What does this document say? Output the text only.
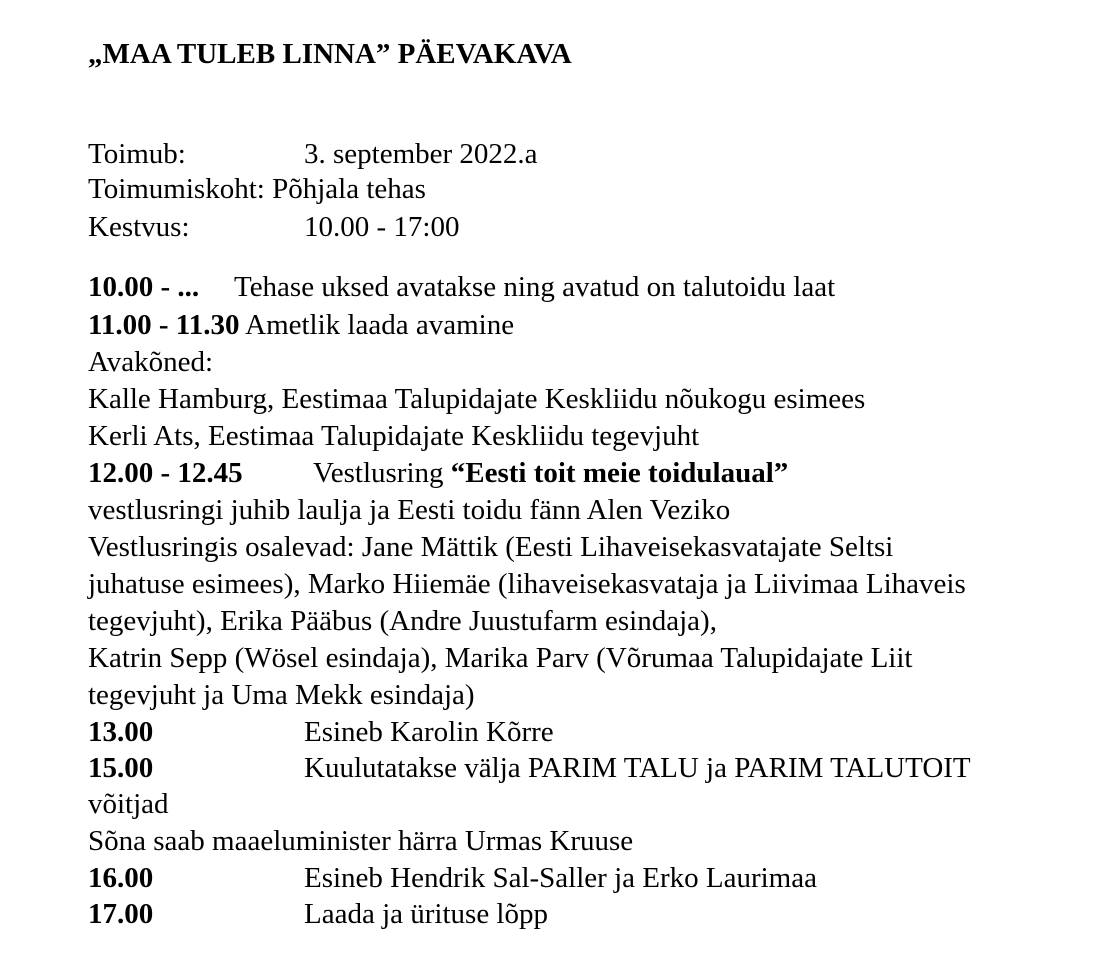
„MAA TULEB LINNA” PÄEVAKAVA
Toimub:	3. september 2022.a
Toimumiskoht: Põhjala tehas
Kestvus:	10.00 - 17:00
10.00 - ... Tehase uksed avatakse ning avatud on talutoidu laat
11.00 - 11.30 Ametlik laada avamine
Avakõned:
Kalle Hamburg, Eestimaa Talupidajate Keskliidu nõukogu esimees
Kerli Ats, Eestimaa Talupidajate Keskliidu tegevjuht
12.00 - 12.45 Vestlusring “Eesti toit meie toidulaual”
vestlusringi juhib laulja ja Eesti toidu fänn Alen Veziko
Vestlusringis osalevad: Jane Mättik (Eesti Lihaveisekasvatajate Seltsi
juhatuse esimees), Marko Hiiemäe (lihaveisekasvataja ja Liivimaa Lihaveis
tegevjuht), Erika Pääbus (Andre Juustufarm esindaja),
Katrin Sepp (Wösel esindaja), Marika Parv (Võrumaa Talupidajate Liit
tegevjuht ja Uma Mekk esindaja)
13.00	Esineb Karolin Kõrre
15.00	Kuulutatakse välja PARIM TALU ja PARIM TALUTOIT
võitjad
Sõna saab maaeluminister härra Urmas Kruuse
16.00	Esineb Hendrik Sal-Saller ja Erko Laurimaa
17.00	Laada ja ürituse lõpp
